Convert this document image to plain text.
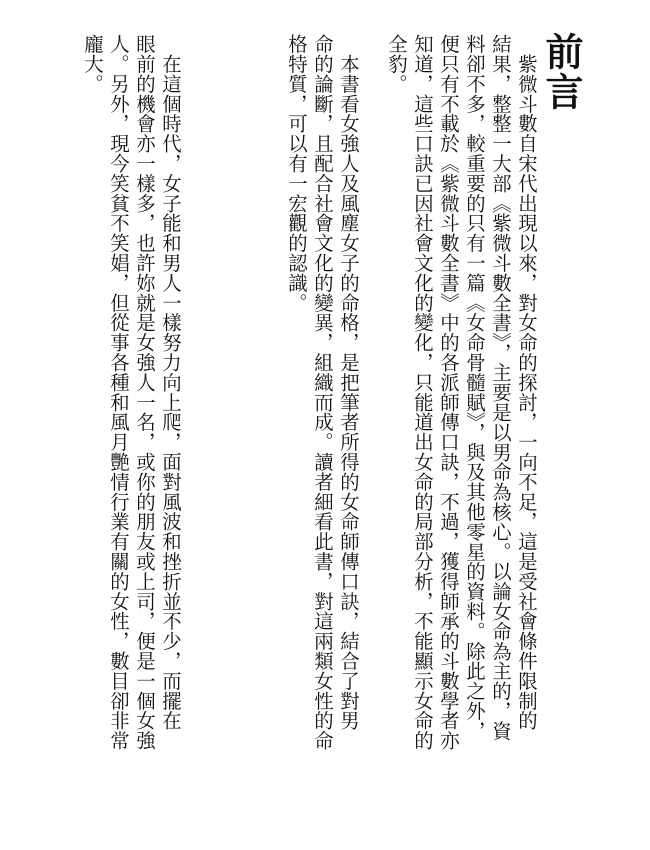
前言
　紫微斗數自宋代出現以來，對女命的探討，一向不足，這是受社會條件限制的
結果，整整一大部《紫微斗數全書》，主要是以男命為核心。以論女命為主的，資
料卻不多，較重要的只有一篇《女命骨髓賦》，與及其他零星的資料。除此之外，
便只有不載於《紫微斗數全書》中的各派師傳口訣，不過，獲得師承的斗數學者亦
知道，這些口訣已因社會文化的變化，只能道出女命的局部分析，不能顯示女命的
全豹。
　本書看女強人及風塵女子的命格，是把筆者所得的女命師傳口訣，結合了對男
命的論斷，且配合社會文化的變異，組織而成。讀者細看此書，對這兩類女性的命
格特質，可以有一宏觀的認識。
　在這個時代，女子能和男人一樣努力向上爬，面對風波和挫折並不少，而擺在
眼前的機會亦一樣多，也許妳就是女強人一名，或你的朋友或上司，便是一個女強
人。另外，現今笑貧不笑娼，但從事各種和風月艷情行業有關的女性，數目卻非常
龐大。
